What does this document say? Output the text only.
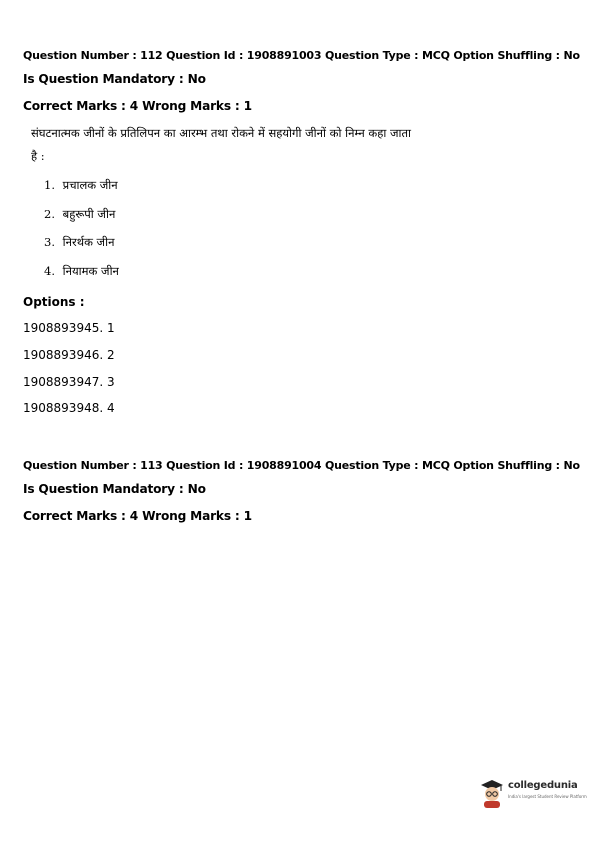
Question Number : 112 Question Id : 1908891003 Question Type : MCQ Option Shuffling : No
Is Question Mandatory : No
Correct Marks : 4 Wrong Marks : 1
संघटनात्मक जीनों के प्रतिलिपन का आरम्भ तथा रोकने में सहयोगी जीनों को निम्न कहा जाता
है :
1. प्रचालक जीन
2. बहुरूपी जीन
3. निरर्थक जीन
4. नियामक जीन
Options :
1908893945. 1
1908893946. 2
1908893947. 3
1908893948. 4
Question Number : 113 Question Id : 1908891004 Question Type : MCQ Option Shuffling : No
Is Question Mandatory : No
Correct Marks : 4 Wrong Marks : 1
collegedunia
India's largest Student Review Platform
